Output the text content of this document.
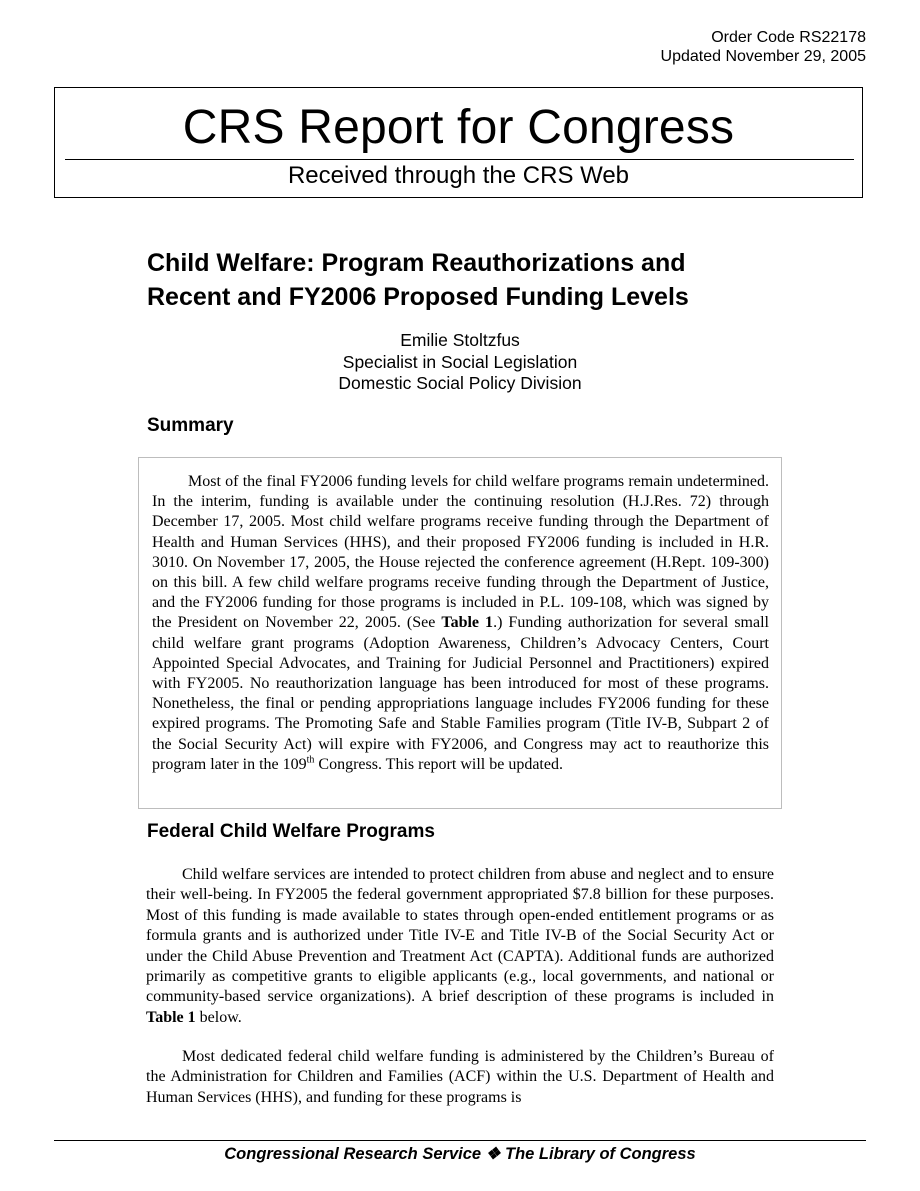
Order Code RS22178
Updated November 29, 2005
CRS Report for Congress
Received through the CRS Web
Child Welfare: Program Reauthorizations and
Recent and FY2006 Proposed Funding Levels
Emilie Stoltzfus
Specialist in Social Legislation
Domestic Social Policy Division
Summary

Most of the final FY2006 funding levels for child welfare programs remain undetermined. In the interim, funding is available under the continuing resolution (H.J.Res. 72) through December 17, 2005. Most child welfare programs receive funding through the Department of Health and Human Services (HHS), and their proposed FY2006 funding is included in H.R. 3010. On November 17, 2005, the House rejected the conference agreement (H.Rept. 109-300) on this bill. A few child welfare programs receive funding through the Department of Justice, and the FY2006 funding for those programs is included in P.L. 109-108, which was signed by the President on November 22, 2005. (See Table 1.) Funding authorization for several small child welfare grant programs (Adoption Awareness, Children’s Advocacy Centers, Court Appointed Special Advocates, and Training for Judicial Personnel and Practitioners) expired with FY2005. No reauthorization language has been introduced for most of these programs. Nonetheless, the final or pending appropriations language includes FY2006 funding for these expired programs. The Promoting Safe and Stable Families program (Title IV-B, Subpart 2 of the Social Security Act) will expire with FY2006, and Congress may act to reauthorize this program later in the 109th Congress. This report will be updated.

Federal Child Welfare Programs

Child welfare services are intended to protect children from abuse and neglect and to ensure their well-being. In FY2005 the federal government appropriated $7.8 billion for these purposes. Most of this funding is made available to states through open-ended entitlement programs or as formula grants and is authorized under Title IV-E and Title IV-B of the Social Security Act or under the Child Abuse Prevention and Treatment Act (CAPTA). Additional funds are authorized primarily as competitive grants to eligible applicants (e.g., local governments, and national or community-based service organizations). A brief description of these programs is included in Table 1 below.

Most dedicated federal child welfare funding is administered by the Children’s Bureau of the Administration for Children and Families (ACF) within the U.S. Department of Health and Human Services (HHS), and funding for these programs is

Congressional Research Service ❖ The Library of Congress
